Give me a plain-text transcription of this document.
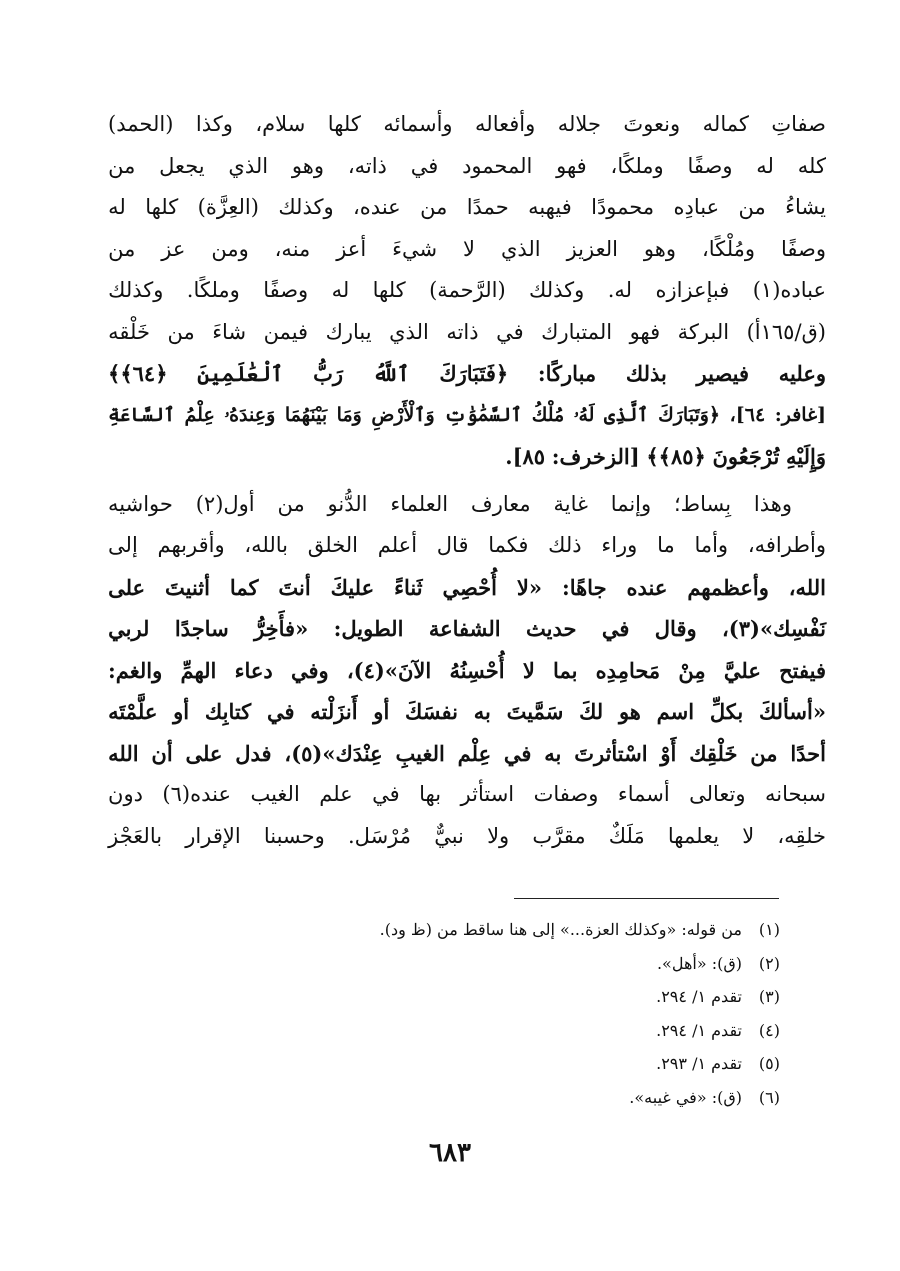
صفاتِ
كماله
ونعوتَ
جلاله
وأفعاله
وأسمائه
كلها
سلام،
وكذا
(الحمد)
كله
له
وصفًا
وملكًا،
فهو
المحمود
في
ذاته،
وهو
الذي
يجعل
من
يشاءُ
من
عبادِه
محمودًا
فيهبه
حمدًا
من
عنده،
وكذلك
(العِزَّة)
كلها
له
وصفًا
ومُلْكًا،
وهو
العزيز
الذي
لا
شيءَ
أعز
منه،
ومن
عز
من
عباده(١)
فبإعزازه
له.
وكذلك
(الرَّحمة)
كلها
له
وصفًا
وملكًا.
وكذلك
(ق/١٦٥أ)
البركة
فهو
المتبارك
في
ذاته
الذي
يبارك
فيمن
شاءَ
من
خَلْقه
وعليه
فيصير
بذلك
مباركًا:
﴿فَتَبَارَكَ
ٱللَّهُ
رَبُّ
ٱلْعَٰلَمِينَ
﴿٦٤﴾﴾
[غافر:
٦٤]،
﴿وَتَبَارَكَ
ٱلَّذِى
لَهُۥ
مُلْكُ
ٱلسَّمَٰوَٰتِ
وَٱلْأَرْضِ
وَمَا
بَيْنَهُمَا
وَعِندَهُۥ
عِلْمُ
ٱلسَّاعَةِ
وَإِلَيْهِ

تُرْجَعُونَ

﴿٨٥﴾﴾

[الزخرف:

٨٥].
وهذا
بِساط؛
وإنما
غاية
معارف
العلماء
الدُّنو
من
أول(٢)
حواشيه
وأطرافه،
وأما
ما
وراء
ذلك
فكما
قال
أعلم
الخلق
بالله،
وأقربهم
إلى
الله،
وأعظمهم
عنده
جاهًا:
«لا
أُحْصِي
ثَناءً
عليكَ
أنتَ
كما
أثنيتَ
على
نَفْسِك»(٣)،
وقال
في
حديث
الشفاعة
الطويل:
«فأَخِرُّ
ساجدًا
لربي
فيفتح
عليَّ
مِنْ
مَحامِدِه
بما
لا
أُحْسِنُهُ
الآنَ»(٤)،
وفي
دعاء
الهمِّ
والغم:
«أسألكَ
بكلِّ
اسم
هو
لكَ
سَمَّيتَ
به
نفسَكَ
أو
أَنزَلْته
في
كتابِك
أو
علَّمْتَه
أحدًا
من
خَلْقِك
أَوْ
اسْتأثرتَ
به
في
عِلْم
الغيبِ
عِنْدَك»(٥)،
فدل
على
أن
الله
سبحانه
وتعالى
أسماء
وصفات
استأثر
بها
في
علم
الغيب
عنده(٦)
دون
خلقِه،
لا
يعلمها
مَلَكٌ
مقرَّب
ولا
نبيٌّ
مُرْسَل.
وحسبنا
الإقرار
بالعَجْز
(١)من قوله: «وكذلك العزة...» إلى هنا ساقط من (ظ ود).
(٢)(ق): «أهل».
(٣)تقدم ١/ ٢٩٤.
(٤)تقدم ١/ ٢٩٤.
(٥)تقدم ١/ ٢٩٣.
(٦)(ق): «في غيبه».
٦٨٣
